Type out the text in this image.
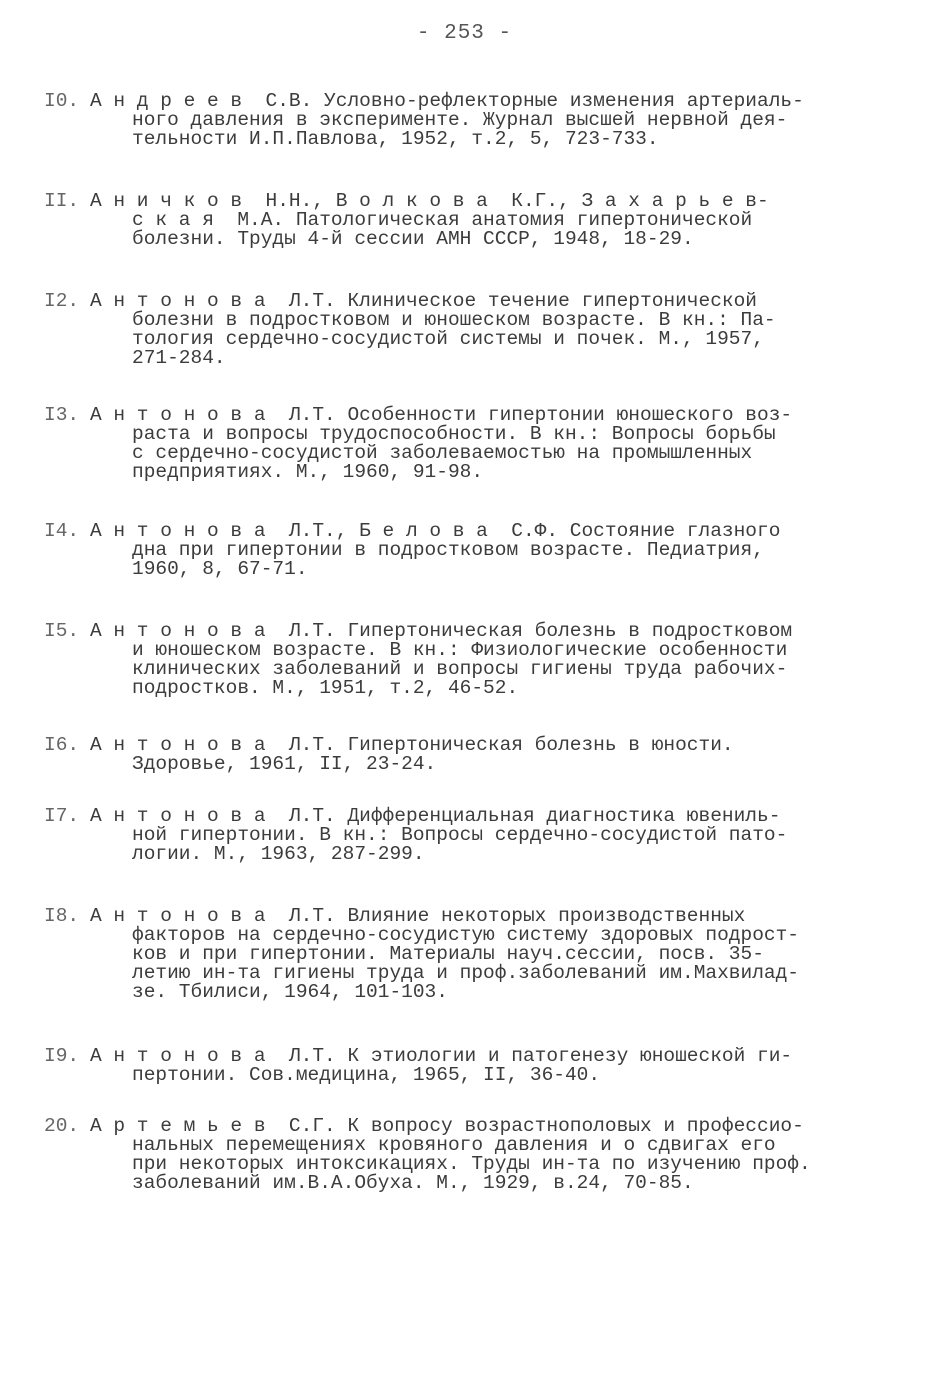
- 253 -
I0. А н д р е е в  С.В. Условно-рефлекторные изменения артериаль-
ного давления в эксперименте. Журнал высшей нервной дея-
тельности И.П.Павлова, 1952, т.2, 5, 723-733.
II. А н и ч к о в  Н.Н., В о л к о в а  К.Г., З а х а р ь е в-
с к а я  М.А. Патологическая анатомия гипертонической
болезни. Труды 4-й сессии АМН СССР, 1948, 18-29.
I2. А н т о н о в а  Л.Т. Клиническое течение гипертонической
болезни в подростковом и юношеском возрасте. В кн.: Па-
тология сердечно-сосудистой системы и почек. М., 1957,
271-284.
I3. А н т о н о в а  Л.Т. Особенности гипертонии юношеского воз-
раста и вопросы трудоспособности. В кн.: Вопросы борьбы
с сердечно-сосудистой заболеваемостью на промышленных
предприятиях. М., 1960, 91-98.
I4. А н т о н о в а  Л.Т., Б е л о в а  С.Ф. Состояние глазного
дна при гипертонии в подростковом возрасте. Педиатрия,
1960, 8, 67-71.
I5. А н т о н о в а  Л.Т. Гипертоническая болезнь в подростковом
и юношеском возрасте. В кн.: Физиологические особенности
клинических заболеваний и вопросы гигиены труда рабочих-
подростков. М., 1951, т.2, 46-52.
I6. А н т о н о в а  Л.Т. Гипертоническая болезнь в юности.
Здоровье, 1961, II, 23-24.
I7. А н т о н о в а  Л.Т. Дифференциальная диагностика ювениль-
ной гипертонии. В кн.: Вопросы сердечно-сосудистой пато-
логии. М., 1963, 287-299.
I8. А н т о н о в а  Л.Т. Влияние некоторых производственных
факторов на сердечно-сосудистую систему здоровых подрост-
ков и при гипертонии. Материалы науч.сессии, посв. 35-
летию ин-та гигиены труда и проф.заболеваний им.Махвилад-
зе. Тбилиси, 1964, 101-103.
I9. А н т о н о в а  Л.Т. К этиологии и патогенезу юношеской ги-
пертонии. Сов.медицина, 1965, II, 36-40.
20. А р т е м ь е в  С.Г. К вопросу возрастнополовых и профессио-
нальных перемещениях кровяного давления и о сдвигах его
при некоторых интоксикациях. Труды ин-та по изучению проф.
заболеваний им.В.А.Обуха. М., 1929, в.24, 70-85.
